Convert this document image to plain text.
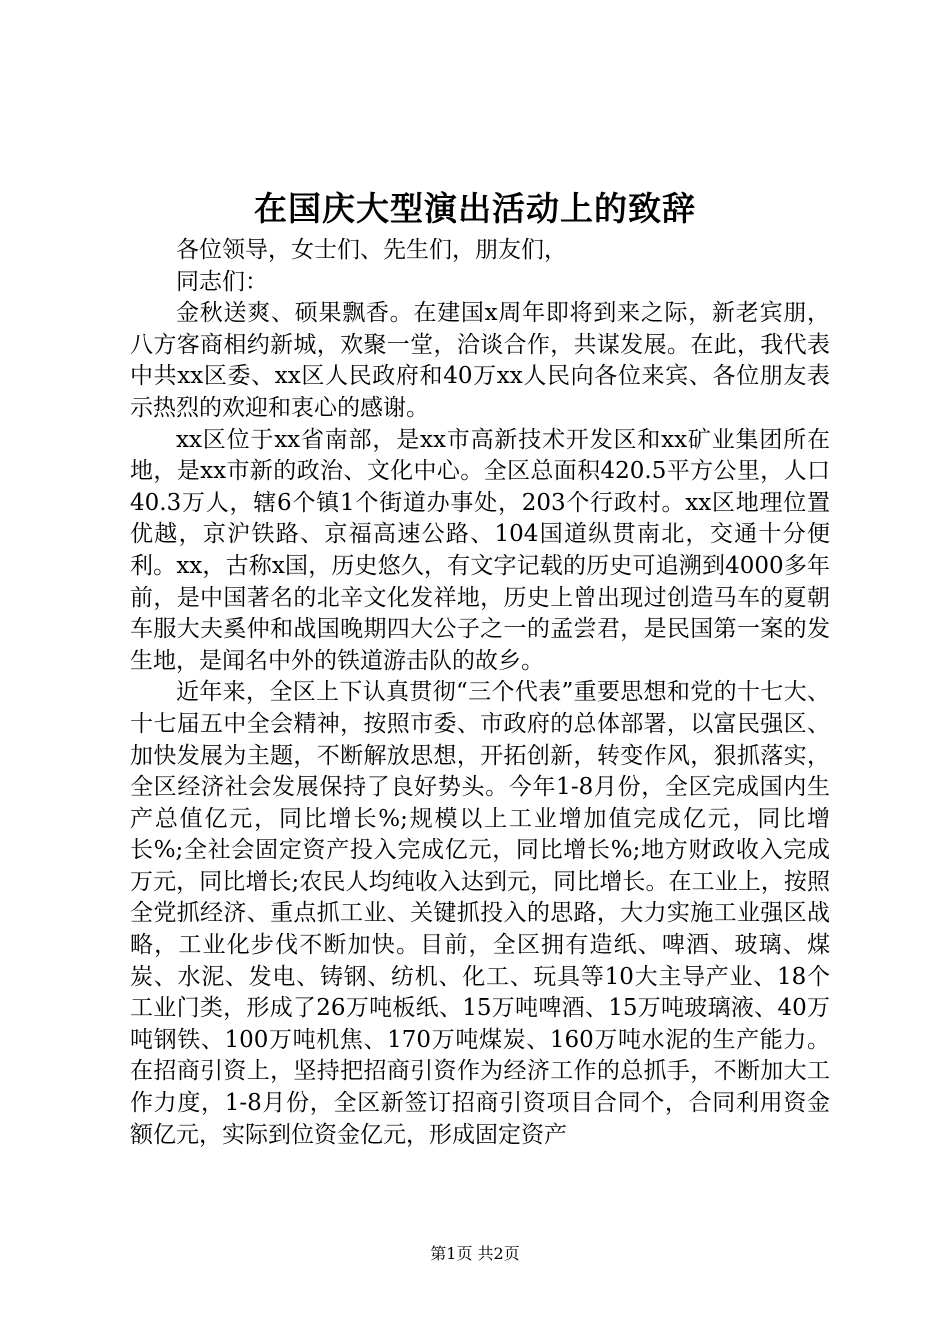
在国庆大型演出活动上的致辞

各位领导，女士们、先生们，朋友们，

同志们：

金秋送爽、硕果飘香。在建国x周年即将到来之际，新老宾朋，八方客商相约新城，欢聚一堂，洽谈合作，共谋发展。在此，我代表中共xx区委、xx区人民政府和40万xx人民向各位来宾、各位朋友表示热烈的欢迎和衷心的感谢。

xx区位于xx省南部，是xx市高新技术开发区和xx矿业集团所在地，是xx市新的政治、文化中心。全区总面积420.5平方公里，人口40.3万人，辖6个镇1个街道办事处，203个行政村。xx区地理位置优越，京沪铁路、京福高速公路、104国道纵贯南北，交通十分便利。xx，古称x国，历史悠久，有文字记载的历史可追溯到4000多年前，是中国著名的北辛文化发祥地，历史上曾出现过创造马车的夏朝车服大夫奚仲和战国晚期四大公子之一的孟尝君，是民国第一案的发生地，是闻名中外的铁道游击队的故乡。

近年来，全区上下认真贯彻“三个代表”重要思想和党的十七大、十七届五中全会精神，按照市委、市政府的总体部署，以富民强区、加快发展为主题，不断解放思想，开拓创新，转变作风，狠抓落实，全区经济社会发展保持了良好势头。今年1-8月份，全区完成国内生产总值亿元，同比增长%;规模以上工业增加值完成亿元，同比增长%;全社会固定资产投入完成亿元，同比增长%;地方财政收入完成万元，同比增长;农民人均纯收入达到元，同比增长。在工业上，按照全党抓经济、重点抓工业、关键抓投入的思路，大力实施工业强区战略，工业化步伐不断加快。目前，全区拥有造纸、啤酒、玻璃、煤炭、水泥、发电、铸钢、纺机、化工、玩具等10大主导产业、18个工业门类，形成了26万吨板纸、15万吨啤酒、15万吨玻璃液、40万吨钢铁、100万吨机焦、170万吨煤炭、160万吨水泥的生产能力。在招商引资上，坚持把招商引资作为经济工作的总抓手，不断加大工作力度，1-8月份，全区新签订招商引资项目合同个，合同利用资金额亿元，实际到位资金亿元，形成固定资产

第1页 共2页
